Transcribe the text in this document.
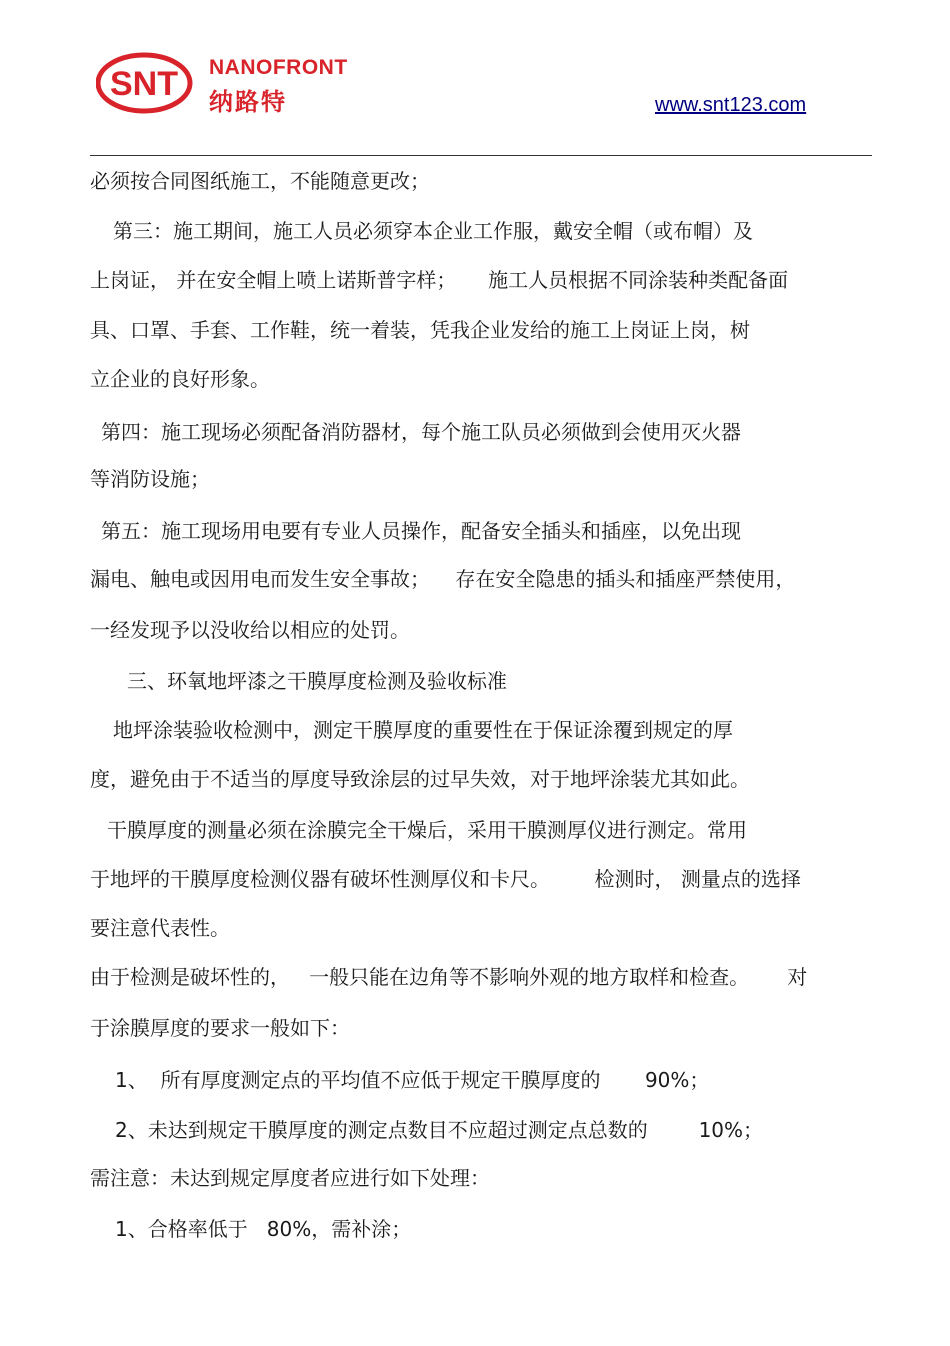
SNT NANOFRONT
纳路特	www.snt123.com
必须按合同图纸施工，不能随意更改；
第三：施工期间，施工人员必须穿本企业工作服，戴安全帽（或布帽）及
上岗证， 并在安全帽上喷上诺斯普字样；     施工人员根据不同涂装种类配备面
具、口罩、手套、工作鞋，统一着装，凭我企业发给的施工上岗证上岗，树
立企业的良好形象。
第四：施工现场必须配备消防器材，每个施工队员必须做到会使用灭火器
等消防设施；
第五：施工现场用电要有专业人员操作，配备安全插头和插座，以免出现
漏电、触电或因用电而发生安全事故；    存在安全隐患的插头和插座严禁使用，
一经发现予以没收给以相应的处罚。
三、环氧地坪漆之干膜厚度检测及验收标准
地坪涂装验收检测中，测定干膜厚度的重要性在于保证涂覆到规定的厚
度，避免由于不适当的厚度导致涂层的过早失效，对于地坪涂装尤其如此。
干膜厚度的测量必须在涂膜完全干燥后，采用干膜测厚仪进行测定。常用
于地坪的干膜厚度检测仪器有破坏性测厚仪和卡尺。       检测时， 测量点的选择
要注意代表性。
由于检测是破坏性的，   一般只能在边角等不影响外观的地方取样和检查。      对
于涂膜厚度的要求一般如下：
1、  所有厚度测定点的平均值不应低于规定干膜厚度的       90%；
2、未达到规定干膜厚度的测定点数目不应超过测定点总数的        10%；
需注意：未达到规定厚度者应进行如下处理：
1、合格率低于   80%，需补涂；
